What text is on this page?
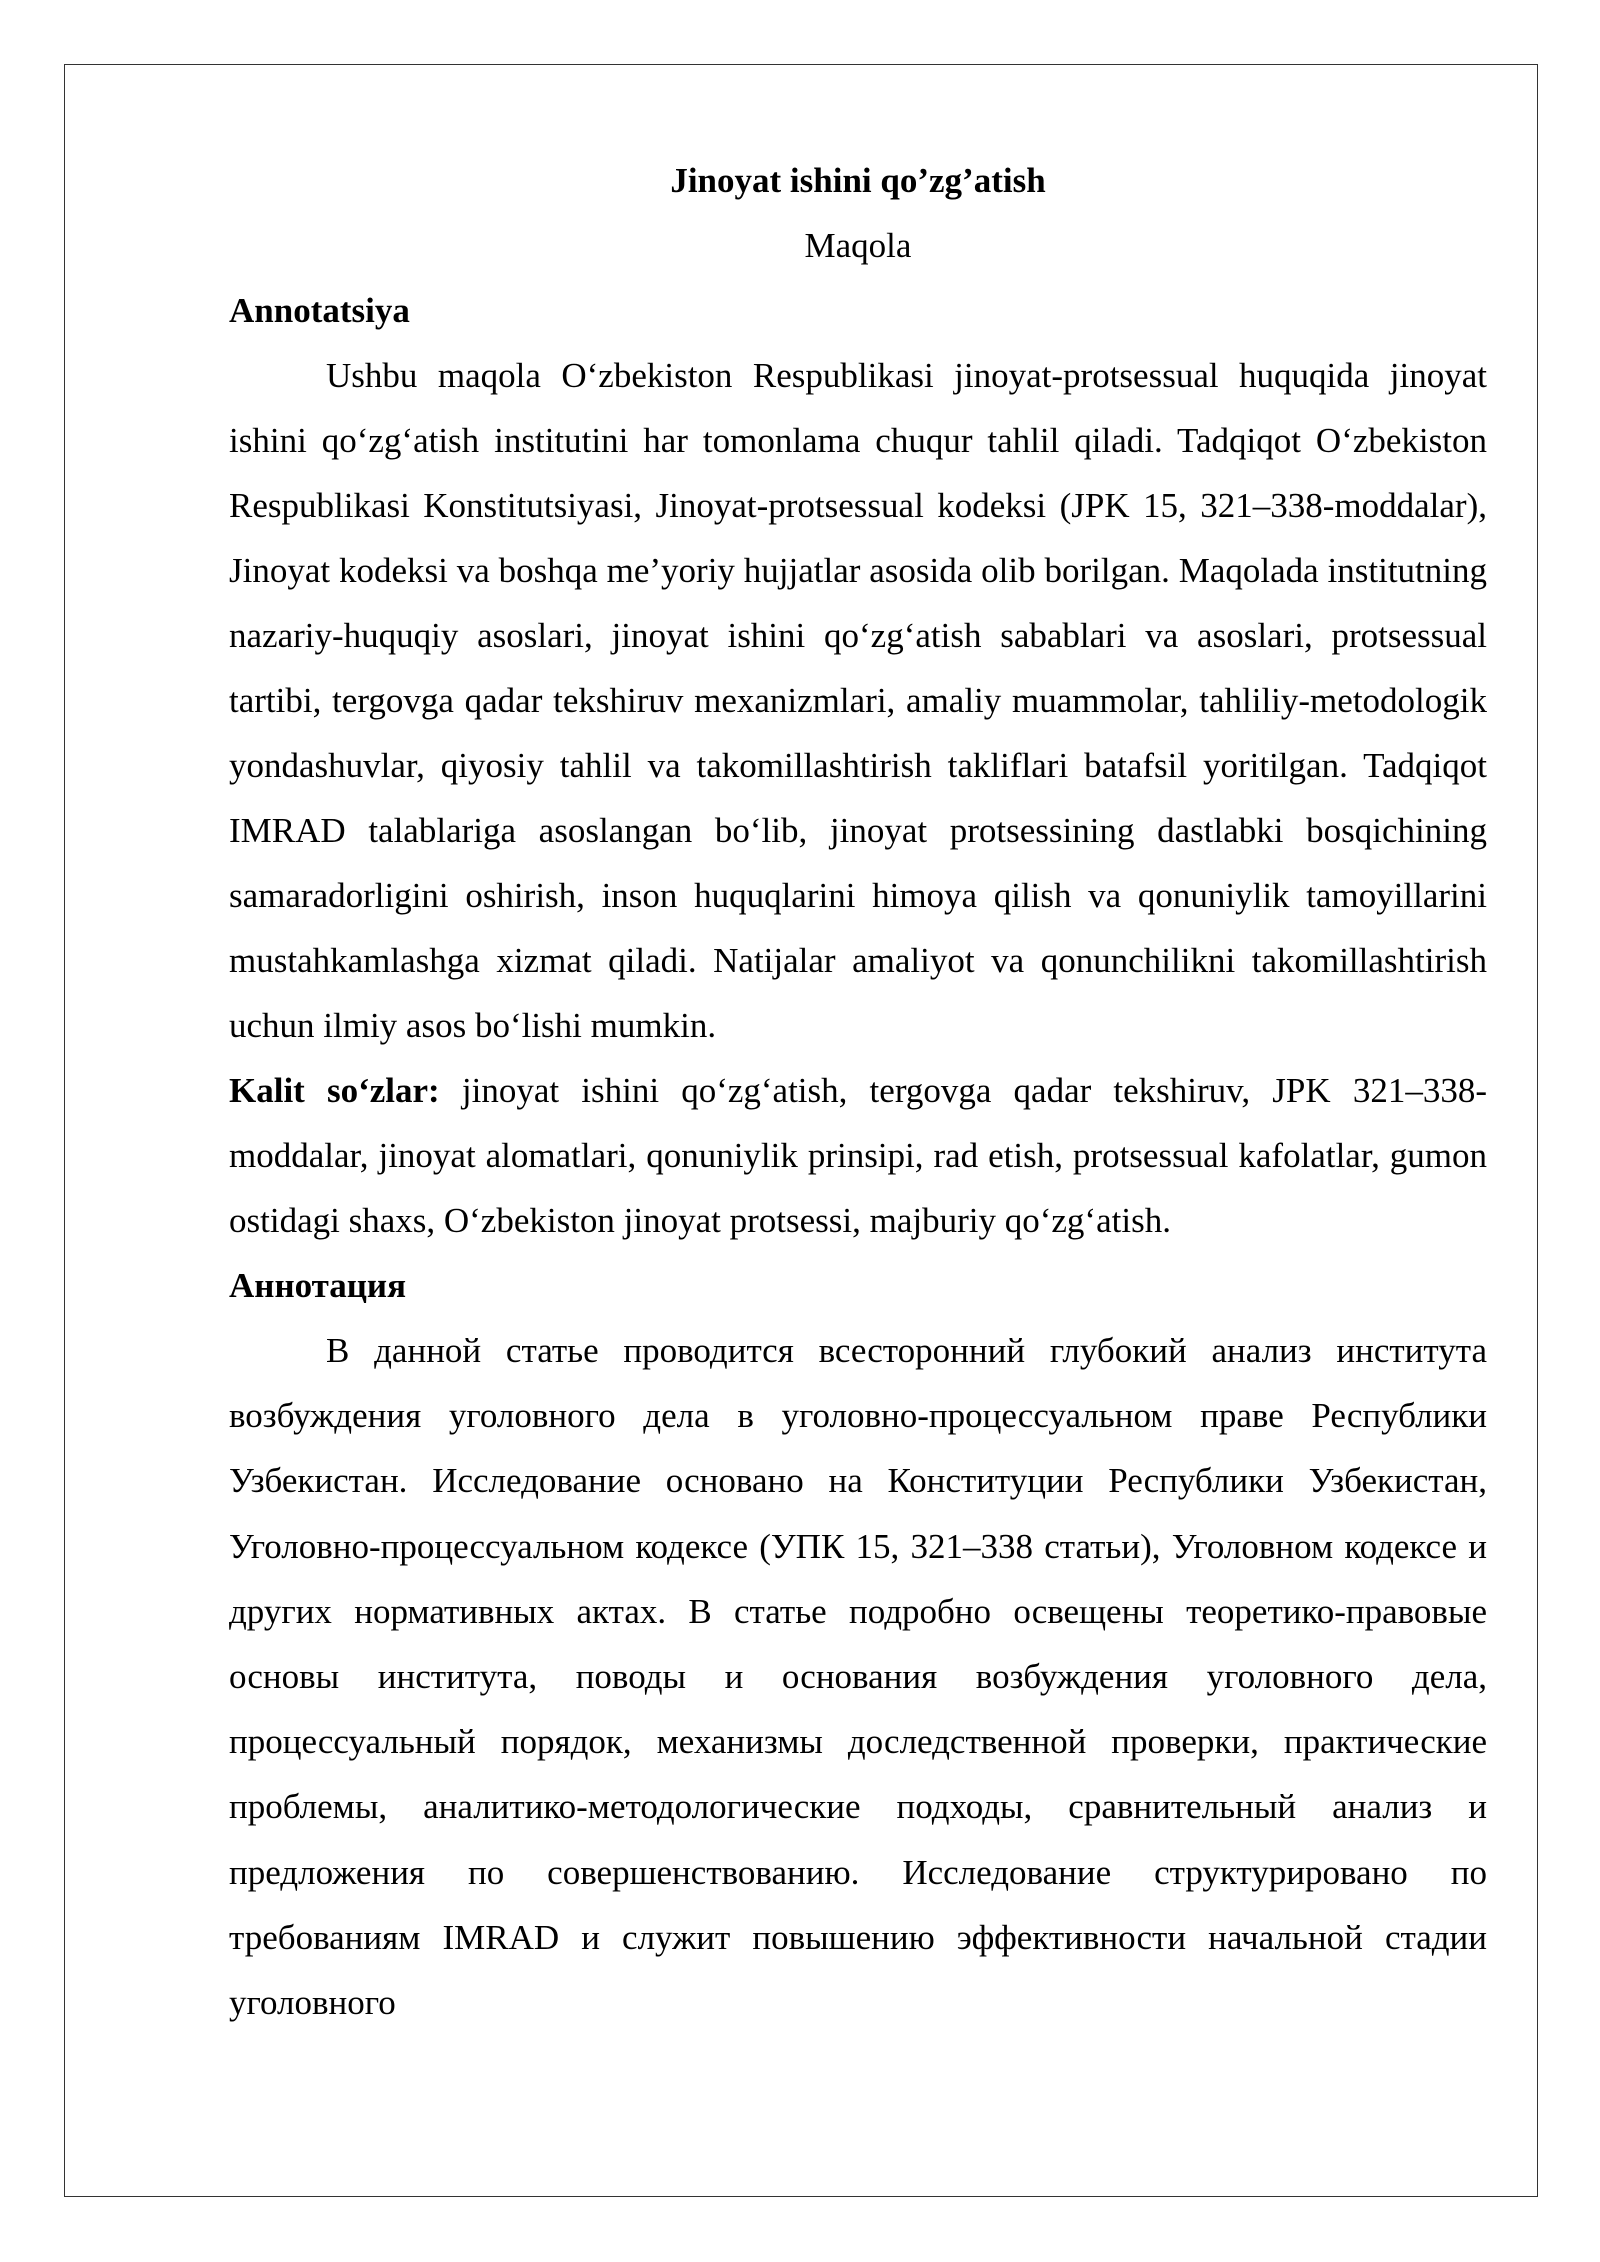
Jinoyat ishini qo’zg’atish
Maqola
Annotatsiya

Ushbu maqola O‘zbekiston Respublikasi jinoyat-protsessual huquqida jinoyat ishini qo‘zg‘atish institutini har tomonlama chuqur tahlil qiladi. Tadqiqot O‘zbekiston Respublikasi Konstitutsiyasi, Jinoyat-protsessual kodeksi (JPK 15, 321–338-moddalar), Jinoyat kodeksi va boshqa me’yoriy hujjatlar asosida olib borilgan. Maqolada institutning nazariy-huquqiy asoslari, jinoyat ishini qo‘zg‘atish sabablari va asoslari, protsessual tartibi, tergovga qadar tekshiruv mexanizmlari, amaliy muammolar, tahliliy-metodologik yondashuvlar, qiyosiy tahlil va takomillashtirish takliflari batafsil yoritilgan. Tadqiqot IMRAD talablariga asoslangan bo‘lib, jinoyat protsessining dastlabki bosqichining samaradorligini oshirish, inson huquqlarini himoya qilish va qonuniylik tamoyillarini mustahkamlashga xizmat qiladi. Natijalar amaliyot va qonunchilikni takomillashtirish uchun ilmiy asos bo‘lishi mumkin.

Kalit so‘zlar: jinoyat ishini qo‘zg‘atish, tergovga qadar tekshiruv, JPK 321–338-moddalar, jinoyat alomatlari, qonuniylik prinsipi, rad etish, protsessual kafolatlar, gumon ostidagi shaxs, O‘zbekiston jinoyat protsessi, majburiy qo‘zg‘atish.

Аннотация

В данной статье проводится всесторонний глубокий анализ института возбуждения уголовного дела в уголовно-процессуальном праве Республики Узбекистан. Исследование основано на Конституции Республики Узбекистан, Уголовно-процессуальном кодексе (УПК 15, 321–338 статьи), Уголовном кодексе и других нормативных актах. В статье подробно освещены теоретико-правовые основы института, поводы и основания возбуждения уголовного дела, процессуальный порядок, механизмы доследственной проверки, практические проблемы, аналитико-методологические подходы, сравнительный анализ и предложения по совершенствованию. Исследование структурировано по требованиям IMRAD и служит повышению эффективности начальной стадии уголовного
